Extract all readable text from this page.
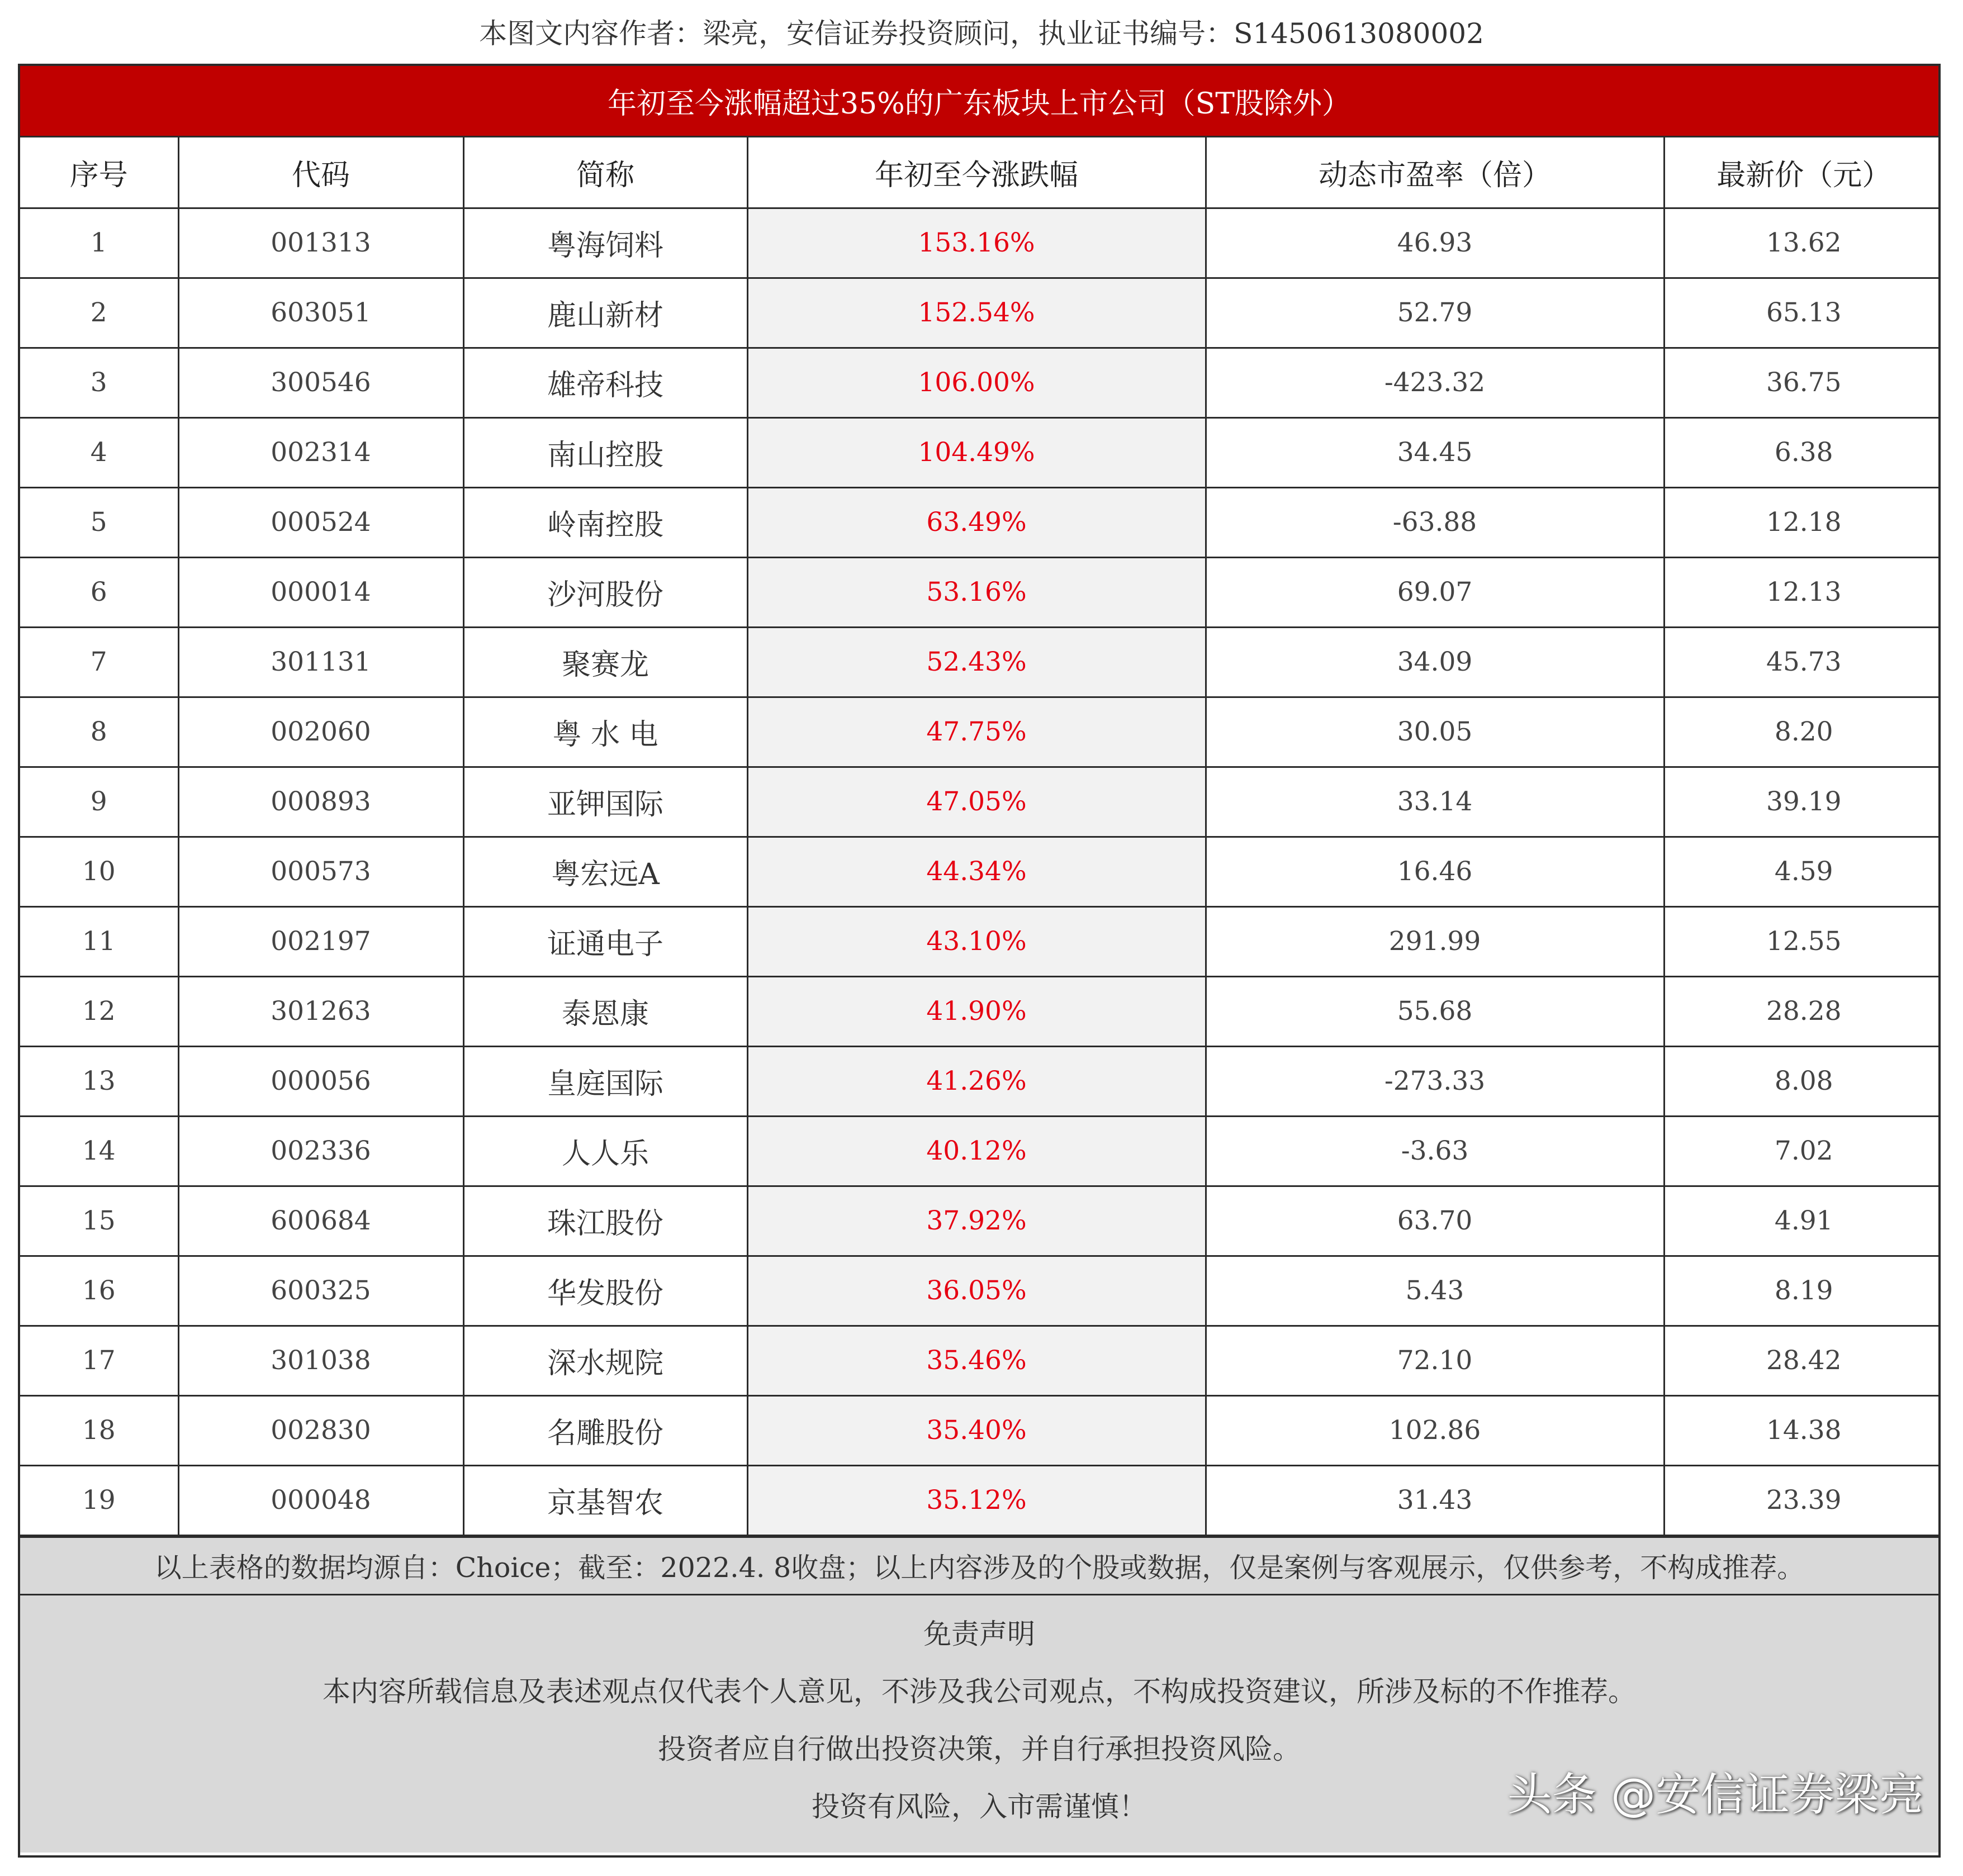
本图文内容作者：梁亮，安信证券投资顾问，执业证书编号：S1450613080002
年初至今涨幅超过35%的广东板块上市公司（ST股除外）
序号	代码	简称	年初至今涨跌幅	动态市盈率（倍）	最新价（元）
1	001313	粤海饲料	153.16%	46.93	13.62
2	603051	鹿山新材	152.54%	52.79	65.13
3	300546	雄帝科技	106.00%	-423.32	36.75
4	002314	南山控股	104.49%	34.45	6.38
5	000524	岭南控股	63.49%	-63.88	12.18
6	000014	沙河股份	53.16%	69.07	12.13
7	301131	聚赛龙	52.43%	34.09	45.73
8	002060	粤 水 电	47.75%	30.05	8.20
9	000893	亚钾国际	47.05%	33.14	39.19
10	000573	粤宏远A	44.34%	16.46	4.59
11	002197	证通电子	43.10%	291.99	12.55
12	301263	泰恩康	41.90%	55.68	28.28
13	000056	皇庭国际	41.26%	-273.33	8.08
14	002336	人人乐	40.12%	-3.63	7.02
15	600684	珠江股份	37.92%	63.70	4.91
16	600325	华发股份	36.05%	5.43	8.19
17	301038	深水规院	35.46%	72.10	28.42
18	002830	名雕股份	35.40%	102.86	14.38
19	000048	京基智农	35.12%	31.43	23.39
以上表格的数据均源自：Choice；截至：2022.4. 8收盘；以上内容涉及的个股或数据，仅是案例与客观展示，仅供参考，不构成推荐。
免责声明
本内容所载信息及表述观点仅代表个人意见，不涉及我公司观点，不构成投资建议，所涉及标的不作推荐。
投资者应自行做出投资决策，并自行承担投资风险。
投资有风险，入市需谨慎！	头条 @安信证券梁亮
